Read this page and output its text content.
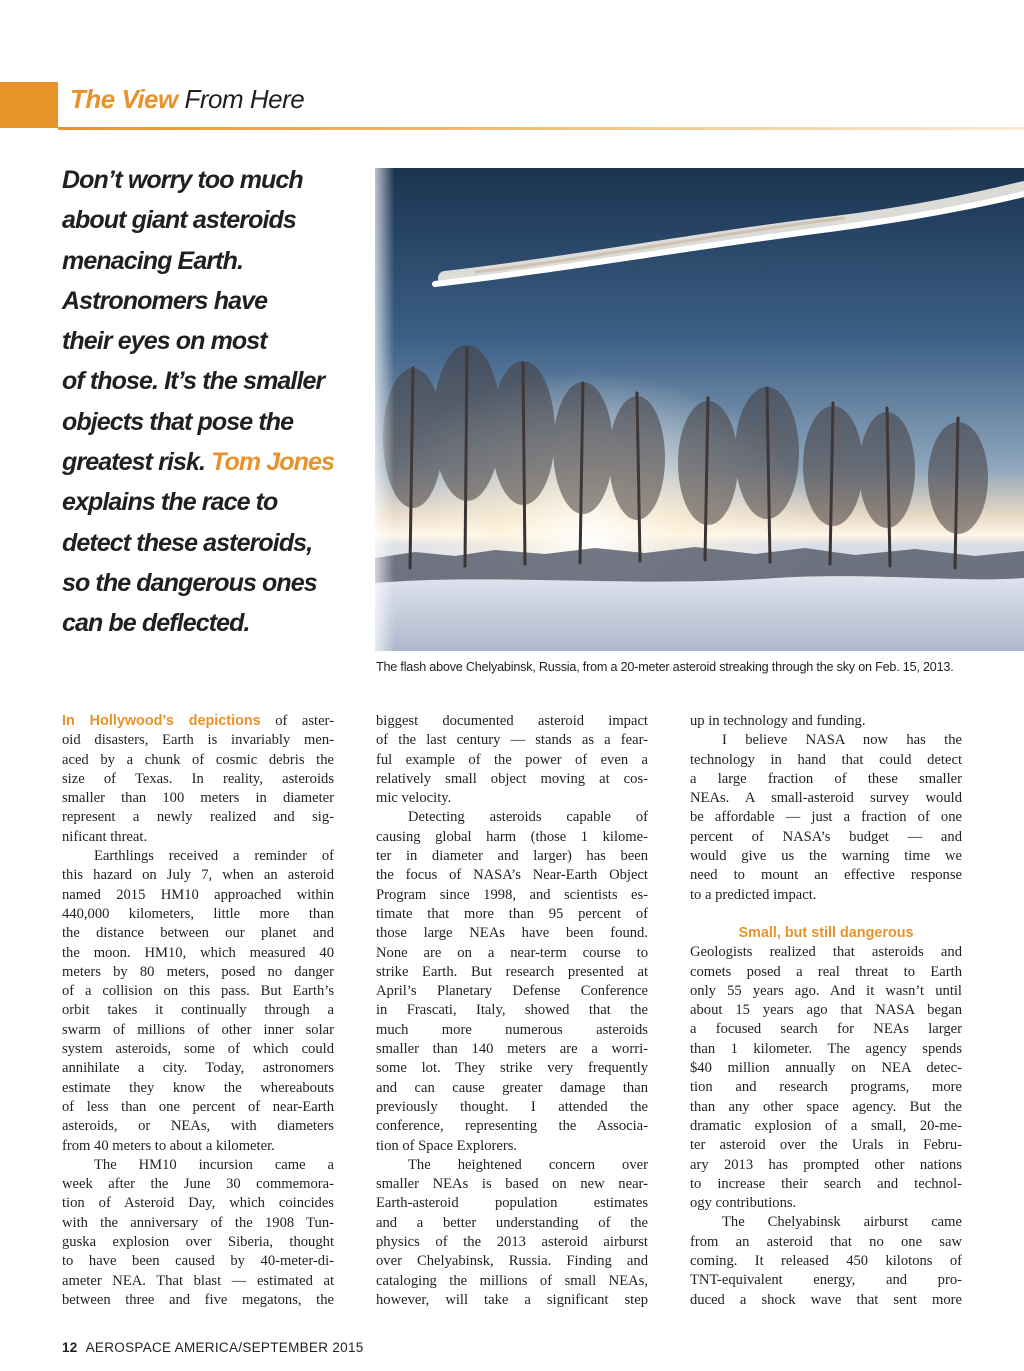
The View From Here
Don’t worry too much
about giant asteroids
menacing Earth.
Astronomers have
their eyes on most
of those. It’s the smaller
objects that pose the
greatest risk. Tom Jones
explains the race to
detect these asteroids,
so the dangerous ones
can be deflected.
The flash above Chelyabinsk, Russia, from a 20-meter asteroid streaking through the sky on Feb. 15, 2013.
In Hollywood’s depictions of aster-
oid disasters, Earth is invariably men-
aced by a chunk of cosmic debris the
size of Texas. In reality, asteroids
smaller than 100 meters in diameter
represent a newly realized and sig-
nificant threat.
Earthlings received a reminder of
this hazard on July 7, when an asteroid
named 2015 HM10 approached within
440,000 kilometers, little more than
the distance between our planet and
the moon. HM10, which measured 40
meters by 80 meters, posed no danger
of a collision on this pass. But Earth’s
orbit takes it continually through a
swarm of millions of other inner solar
system asteroids, some of which could
annihilate a city. Today, astronomers
estimate they know the whereabouts
of less than one percent of near-Earth
asteroids, or NEAs, with diameters
from 40 meters to about a kilometer.
The HM10 incursion came a
week after the June 30 commemora-
tion of Asteroid Day, which coincides
with the anniversary of the 1908 Tun-
guska explosion over Siberia, thought
to have been caused by 40-meter-di-
ameter NEA. That blast — estimated at
between three and five megatons, the
biggest documented asteroid impact
of the last century — stands as a fear-
ful example of the power of even a
relatively small object moving at cos-
mic velocity.
Detecting asteroids capable of
causing global harm (those 1 kilome-
ter in diameter and larger) has been
the focus of NASA’s Near-Earth Object
Program since 1998, and scientists es-
timate that more than 95 percent of
those large NEAs have been found.
None are on a near-term course to
strike Earth. But research presented at
April’s Planetary Defense Conference
in Frascati, Italy, showed that the
much more numerous asteroids
smaller than 140 meters are a worri-
some lot. They strike very frequently
and can cause greater damage than
previously thought. I attended the
conference, representing the Associa-
tion of Space Explorers.
The heightened concern over
smaller NEAs is based on new near-
Earth-asteroid population estimates
and a better understanding of the
physics of the 2013 asteroid airburst
over Chelyabinsk, Russia. Finding and
cataloging the millions of small NEAs,
however, will take a significant step
up in technology and funding.
I believe NASA now has the
technology in hand that could detect
a large fraction of these smaller
NEAs. A small-asteroid survey would
be affordable — just a fraction of one
percent of NASA’s budget — and
would give us the warning time we
need to mount an effective response
to a predicted impact.
Small, but still dangerous
Geologists realized that asteroids and
comets posed a real threat to Earth
only 55 years ago. And it wasn’t until
about 15 years ago that NASA began
a focused search for NEAs larger
than 1 kilometer. The agency spends
$40 million annually on NEA detec-
tion and research programs, more
than any other space agency. But the
dramatic explosion of a small, 20-me-
ter asteroid over the Urals in Febru-
ary 2013 has prompted other nations
to increase their search and technol-
ogy contributions.
The Chelyabinsk airburst came
from an asteroid that no one saw
coming. It released 450 kilotons of
TNT-equivalent energy, and pro-
duced a shock wave that sent more
12 AEROSPACE AMERICA/SEPTEMBER 2015
